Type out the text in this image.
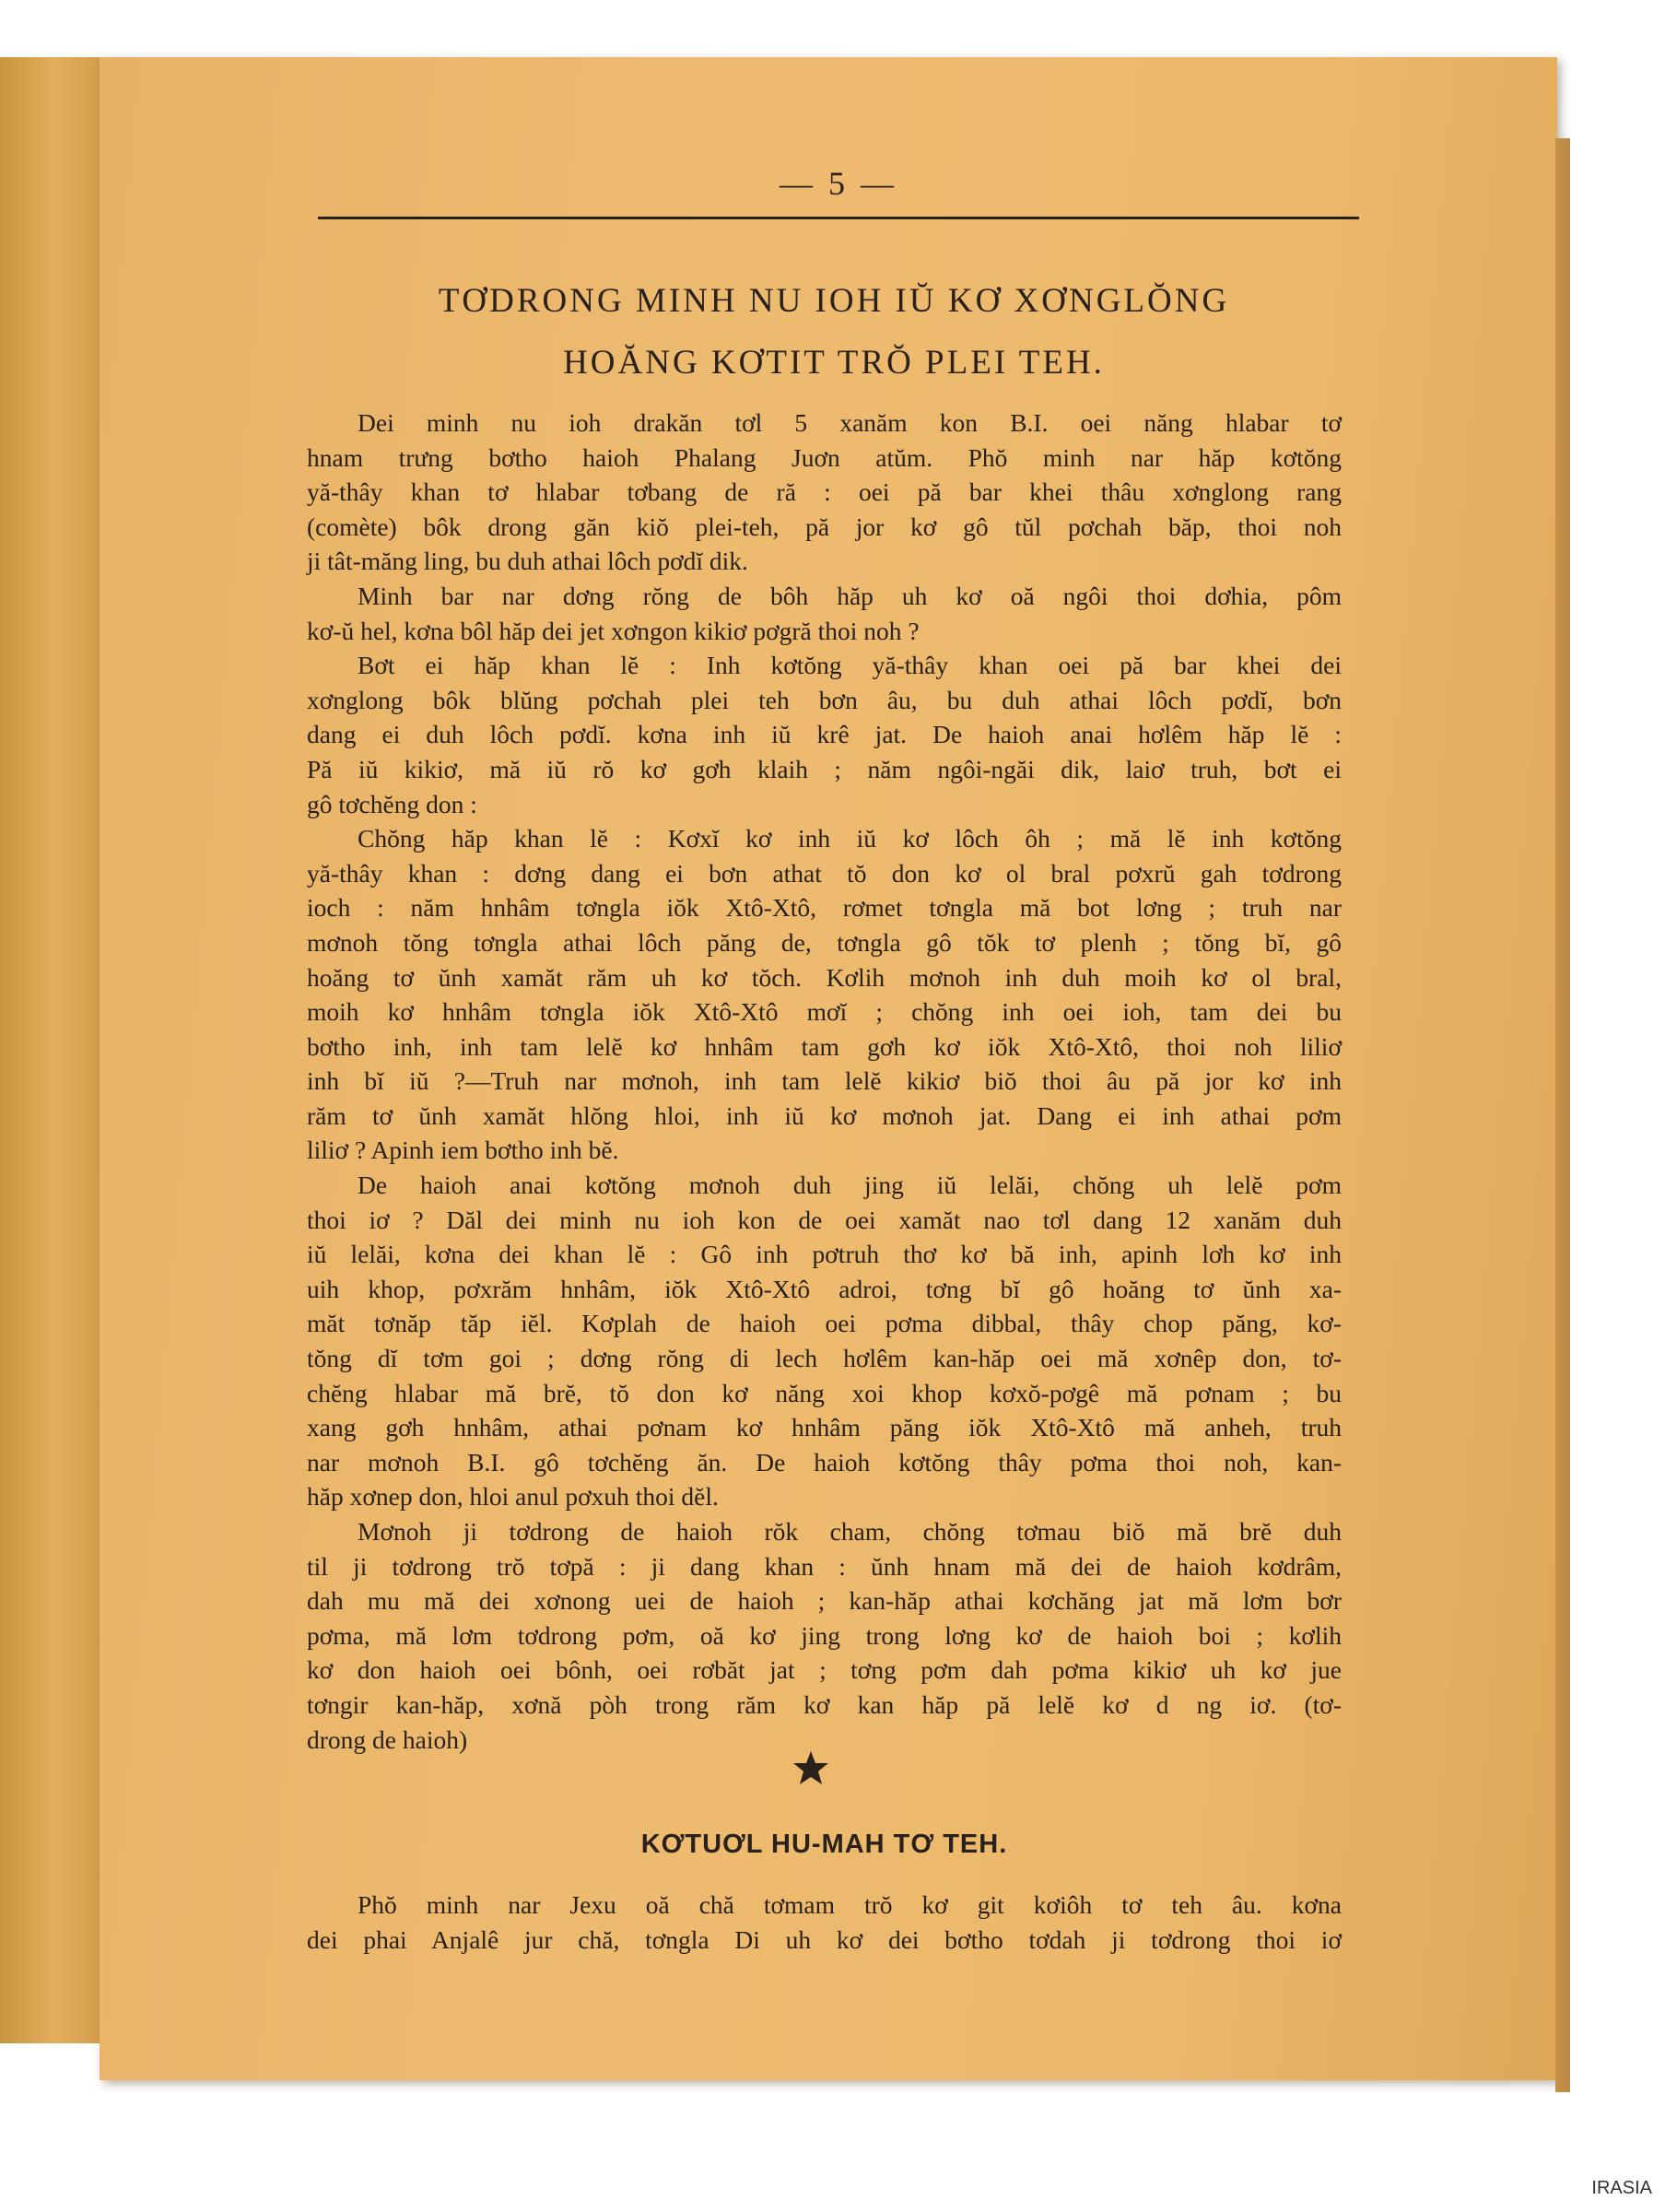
— 5 —
TƠDRONG MINH NU IOH IŬ KƠ XƠNGLŎNG
HOĂNG KƠTIT TRŎ PLEI TEH.
Dei minh nu ioh drakăn tơl 5 xanăm kon B.I. oei năng hlabar tơ
hnam trưng bơtho haioh Phalang Juơn atŭm. Phŏ minh nar hăp kơtŏng
yă-thây khan tơ hlabar tơbang de ră : oei pă bar khei thâu xơnglong rang
(comète) bôk drong găn kiŏ plei-teh, pă jor kơ gô tŭl pơchah băp, thoi noh
ji tât-măng ling, bu duh athai lôch pơdĭ dik.
Minh bar nar dơng rŏng de bôh hăp uh kơ oă ngôi thoi dơhia, pôm
kơ-ŭ hel, kơna bôl hăp dei jet xơngon kikiơ pơgră thoi noh ?
Bơt ei hăp khan lĕ : Inh kơtŏng yă-thây khan oei pă bar khei dei
xơnglong bôk blŭng pơchah plei teh bơn âu, bu duh athai lôch pơdĭ, bơn
dang ei duh lôch pơdĭ. kơna inh iŭ krê jat. De haioh anai hơlêm hăp lĕ :
Pă iŭ kikiơ, mă iŭ rŏ kơ gơh klaih ; năm ngôi-ngăi dik, laiơ truh, bơt ei
gô tơchĕng don :
Chŏng hăp khan lĕ : Kơxĭ kơ inh iŭ kơ lôch ôh ; mă lĕ inh kơtŏng
yă-thây khan : dơng dang ei bơn athat tŏ don kơ ol bral pơxrŭ gah tơdrong
ioch : năm hnhâm tơngla iŏk Xtô-Xtô, rơmet tơngla mă bot lơng ; truh nar
mơnoh tŏng tơngla athai lôch păng de, tơngla gô tŏk tơ plenh ; tŏng bĭ, gô
hoăng tơ ŭnh xamăt răm uh kơ tŏch. Kơlih mơnoh inh duh moih kơ ol bral,
moih kơ hnhâm tơngla iŏk Xtô-Xtô mơĭ ; chŏng inh oei ioh, tam dei bu
bơtho inh, inh tam lelĕ kơ hnhâm tam gơh kơ iŏk Xtô-Xtô, thoi noh liliơ
inh bĭ iŭ ?—Truh nar mơnoh, inh tam lelĕ kikiơ biŏ thoi âu pă jor kơ inh
răm tơ ŭnh xamăt hlŏng hloi, inh iŭ kơ mơnoh jat. Dang ei inh athai pơm
liliơ ? Apinh iem bơtho inh bĕ.
De haioh anai kơtŏng mơnoh duh jing iŭ lelăi, chŏng uh lelĕ pơm
thoi iơ ? Dăl dei minh nu ioh kon de oei xamăt nao tơl dang 12 xanăm duh
iŭ lelăi, kơna dei khan lĕ : Gô inh pơtruh thơ kơ bă inh, apinh lơh kơ inh
uih khop, pơxrăm hnhâm, iŏk Xtô-Xtô adroi, tơng bĭ gô hoăng tơ ŭnh xa-
măt tơnăp tăp iĕl. Kơplah de haioh oei pơma dibbal, thây chop păng, kơ-
tŏng dĭ tơm goi ; dơng rŏng di lech hơlêm kan-hăp oei mă xơnêp don, tơ-
chĕng hlabar mă brĕ, tŏ don kơ năng xoi khop kơxŏ-pơgê mă pơnam ; bu
xang gơh hnhâm, athai pơnam kơ hnhâm păng iŏk Xtô-Xtô mă anheh, truh
nar mơnoh B.I. gô tơchĕng ăn. De haioh kơtŏng thây pơma thoi noh, kan-
hăp xơnep don, hloi anul pơxuh thoi dĕl.
Mơnoh ji tơdrong de haioh rŏk cham, chŏng tơmau biŏ mă brĕ duh
til ji tơdrong trŏ tơpă : ji dang khan : ŭnh hnam mă dei de haioh kơdrâm,
dah mu mă dei xơnong uei de haioh ; kan-hăp athai kơchăng jat mă lơm bơr
pơma, mă lơm tơdrong pơm, oă kơ jing trong lơng kơ de haioh boi ; kơlih
kơ don haioh oei bônh, oei rơbăt jat ; tơng pơm dah pơma kikiơ uh kơ jue
tơngir kan-hăp, xơnă pòh trong răm kơ kan hăp pă lelĕ kơ d ng iơ. (tơ-
drong de haioh)
KƠTUƠL HU-MAH TƠ TEH.
Phŏ minh nar Jexu oă chă tơmam trŏ kơ git kơiôh tơ teh âu. kơna
dei phai Anjalê jur chă, tơngla Di uh kơ dei bơtho tơdah ji tơdrong thoi iơ
IRASIA
